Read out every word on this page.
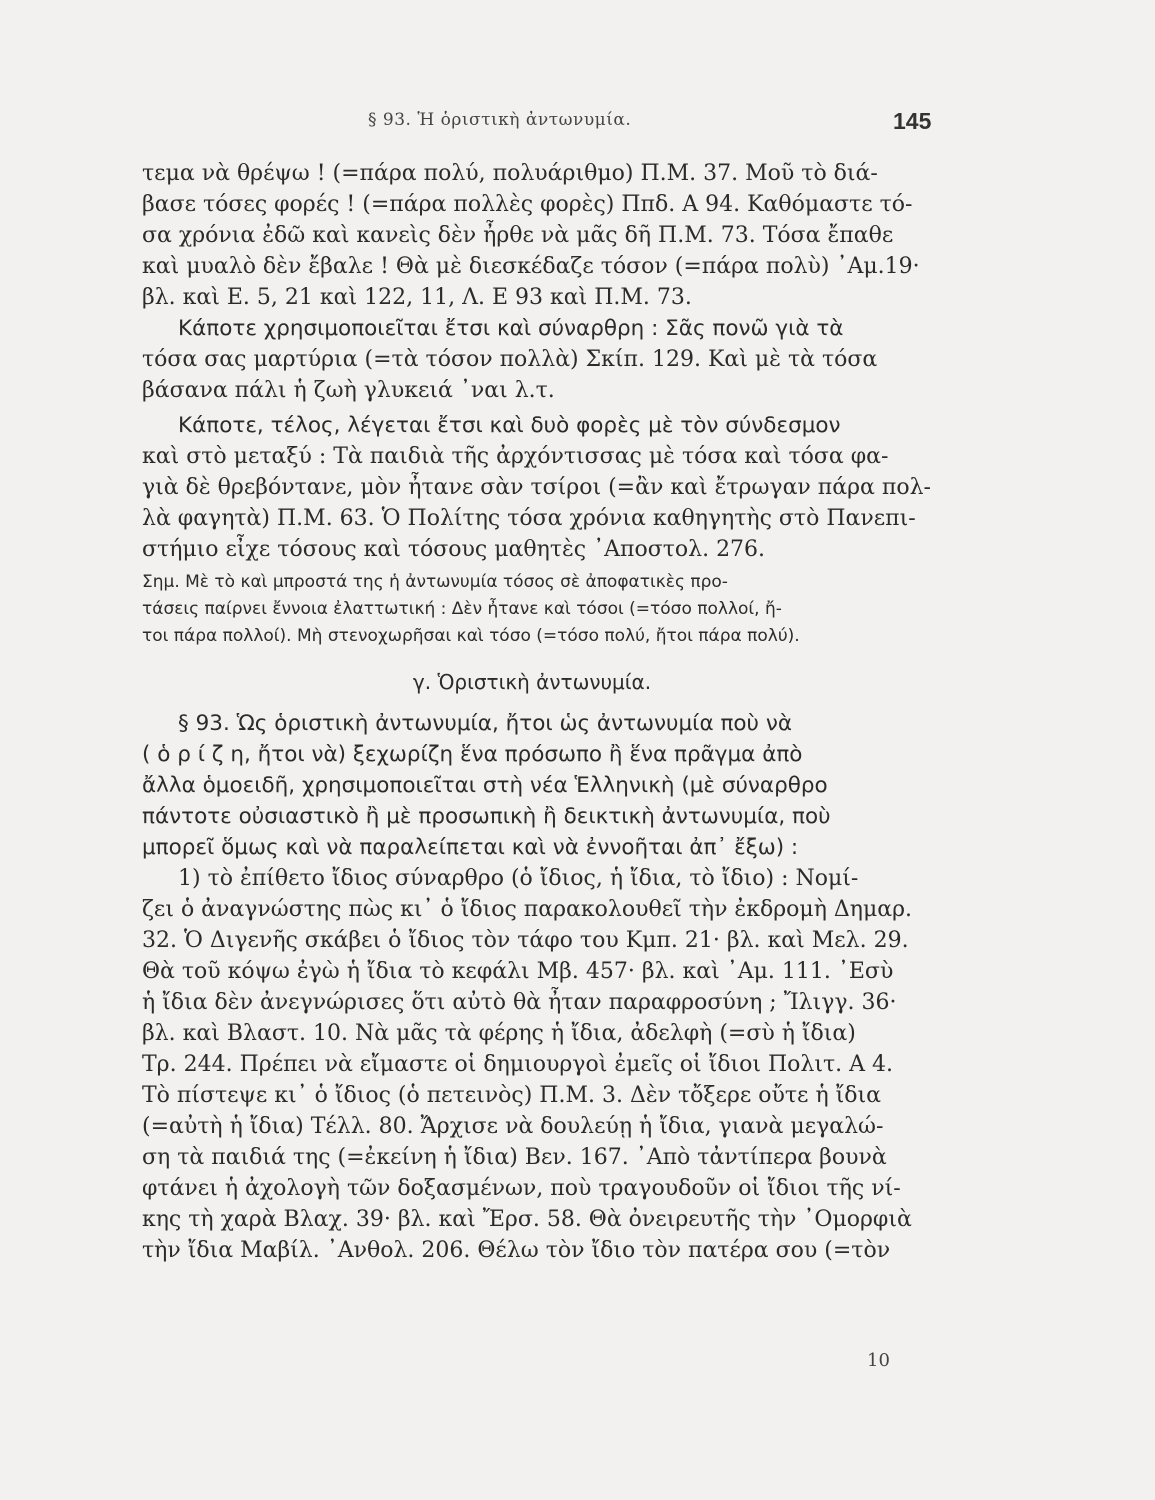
§ 93. Ἡ ὁριστικὴ ἀντωνυμία.	145
τεμα νὰ θρέψω ! (=πάρα πολύ, πολυάριθμο) Π.Μ. 37. Μοῦ τὸ διά-
βασε τόσες φορές ! (=πάρα πολλὲς φορὲς) Ππδ. Α 94. Καθόμαστε τό-
σα χρόνια ἐδῶ καὶ κανεὶς δὲν ἦρθε νὰ μᾶς δῆ Π.Μ. 73. Τόσα ἔπαθε
καὶ μυαλὸ δὲν ἔβαλε ! Θὰ μὲ διεσκέδαζε τόσον (=πάρα πολὺ) ᾿Αμ.19·
βλ. καὶ Ε. 5, 21 καὶ 122, 11, Λ. Ε 93 καὶ Π.Μ. 73.
Κάποτε χρησιμοποιεῖται ἔτσι καὶ σύναρθρη : Σᾶς πονῶ γιὰ τὰ
τόσα σας μαρτύρια (=τὰ τόσον πολλὰ) Σκίπ. 129. Καὶ μὲ τὰ τόσα
βάσανα πάλι ἡ ζωὴ γλυκειά ᾿ναι λ.τ.
Κάποτε, τέλος, λέγεται ἔτσι καὶ δυὸ φορὲς μὲ τὸν σύνδεσμον
καὶ στὸ μεταξύ : Τὰ παιδιὰ τῆς ἀρχόντισσας μὲ τόσα καὶ τόσα φα-
γιὰ δὲ θρεβόντανε, μὸν ἦτανε σὰν τσίροι (=ἂν καὶ ἔτρωγαν πάρα πολ-
λὰ φαγητὰ) Π.Μ. 63. Ὁ Πολίτης τόσα χρόνια καθηγητὴς στὸ Πανεπι-
στήμιο εἶχε τόσους καὶ τόσους μαθητὲς ᾿Αποστολ. 276.
Σημ. Μὲ τὸ καὶ μπροστά της ἡ ἀντωνυμία τόσος σὲ ἀποφατικὲς προ-
τάσεις παίρνει ἔννοια ἐλαττωτική : Δὲν ἦτανε καὶ τόσοι (=τόσο πολλοί, ἤ-
τοι πάρα πολλοί). Μὴ στενοχωρῆσαι καὶ τόσο (=τόσο πολύ, ἤτοι πάρα πολύ).
γ. Ὁριστικὴ ἀντωνυμία.
§ 93. Ὡς ὁριστικὴ ἀντωνυμία, ἤτοι ὡς ἀντωνυμία ποὺ νὰ
( ὁ ρ ί ζ η, ἤτοι νὰ) ξεχωρίζη ἕνα πρόσωπο ἢ ἕνα πρᾶγμα ἀπὸ
ἄλλα ὁμοειδῆ, χρησιμοποιεῖται στὴ νέα Ἑλληνικὴ (μὲ σύναρθρο
πάντοτε οὐσιαστικὸ ἢ μὲ προσωπικὴ ἢ δεικτικὴ ἀντωνυμία, ποὺ
μπορεῖ ὅμως καὶ νὰ παραλείπεται καὶ νὰ ἐννοῆται ἀπ᾿ ἔξω) :
1) τὸ ἐπίθετο ἴδιος σύναρθρο (ὁ ἴδιος, ἡ ἴδια, τὸ ἴδιο) : Νομί-
ζει ὁ ἀναγνώστης πὼς κι᾿ ὁ ἴδιος παρακολουθεῖ τὴν ἐκδρομὴ Δημαρ.
32. Ὁ Διγενῆς σκάβει ὁ ἴδιος τὸν τάφο του Κμπ. 21· βλ. καὶ Μελ. 29.
Θὰ τοῦ κόψω ἐγὼ ἡ ἴδια τὸ κεφάλι Μβ. 457· βλ. καὶ ᾿Αμ. 111. ᾿Εσὺ
ἡ ἴδια δὲν ἀνεγνώρισες ὅτι αὐτὸ θὰ ἦταν παραφροσύνη ; Ἴλιγγ. 36·
βλ. καὶ Βλαστ. 10. Νὰ μᾶς τὰ φέρης ἡ ἴδια, ἀδελφὴ (=σὺ ἡ ἴδια)
Τρ. 244. Πρέπει νὰ εἴμαστε οἱ δημιουργοὶ ἐμεῖς οἱ ἴδιοι Πολιτ. Α 4.
Τὸ πίστεψε κι᾿ ὁ ἴδιος (ὁ πετεινὸς) Π.Μ. 3. Δὲν τὄξερε οὔτε ἡ ἴδια
(=αὐτὴ ἡ ἴδια) Τέλλ. 80. Ἄρχισε νὰ δουλεύῃ ἡ ἴδια, γιανὰ μεγαλώ-
ση τὰ παιδιά της (=ἐκείνη ἡ ἴδια) Βεν. 167. ᾿Απὸ τἀντίπερα βουνὰ
φτάνει ἡ ἀχολογὴ τῶν δοξασμένων, ποὺ τραγουδοῦν οἱ ἴδιοι τῆς νί-
κης τὴ χαρὰ Βλαχ. 39· βλ. καὶ Ἔρσ. 58. Θὰ ὀνειρευτῆς τὴν ᾿Ομορφιὰ
τὴν ἴδια Μαβίλ. ᾿Ανθολ. 206. Θέλω τὸν ἴδιο τὸν πατέρα σου (=τὸν
10
